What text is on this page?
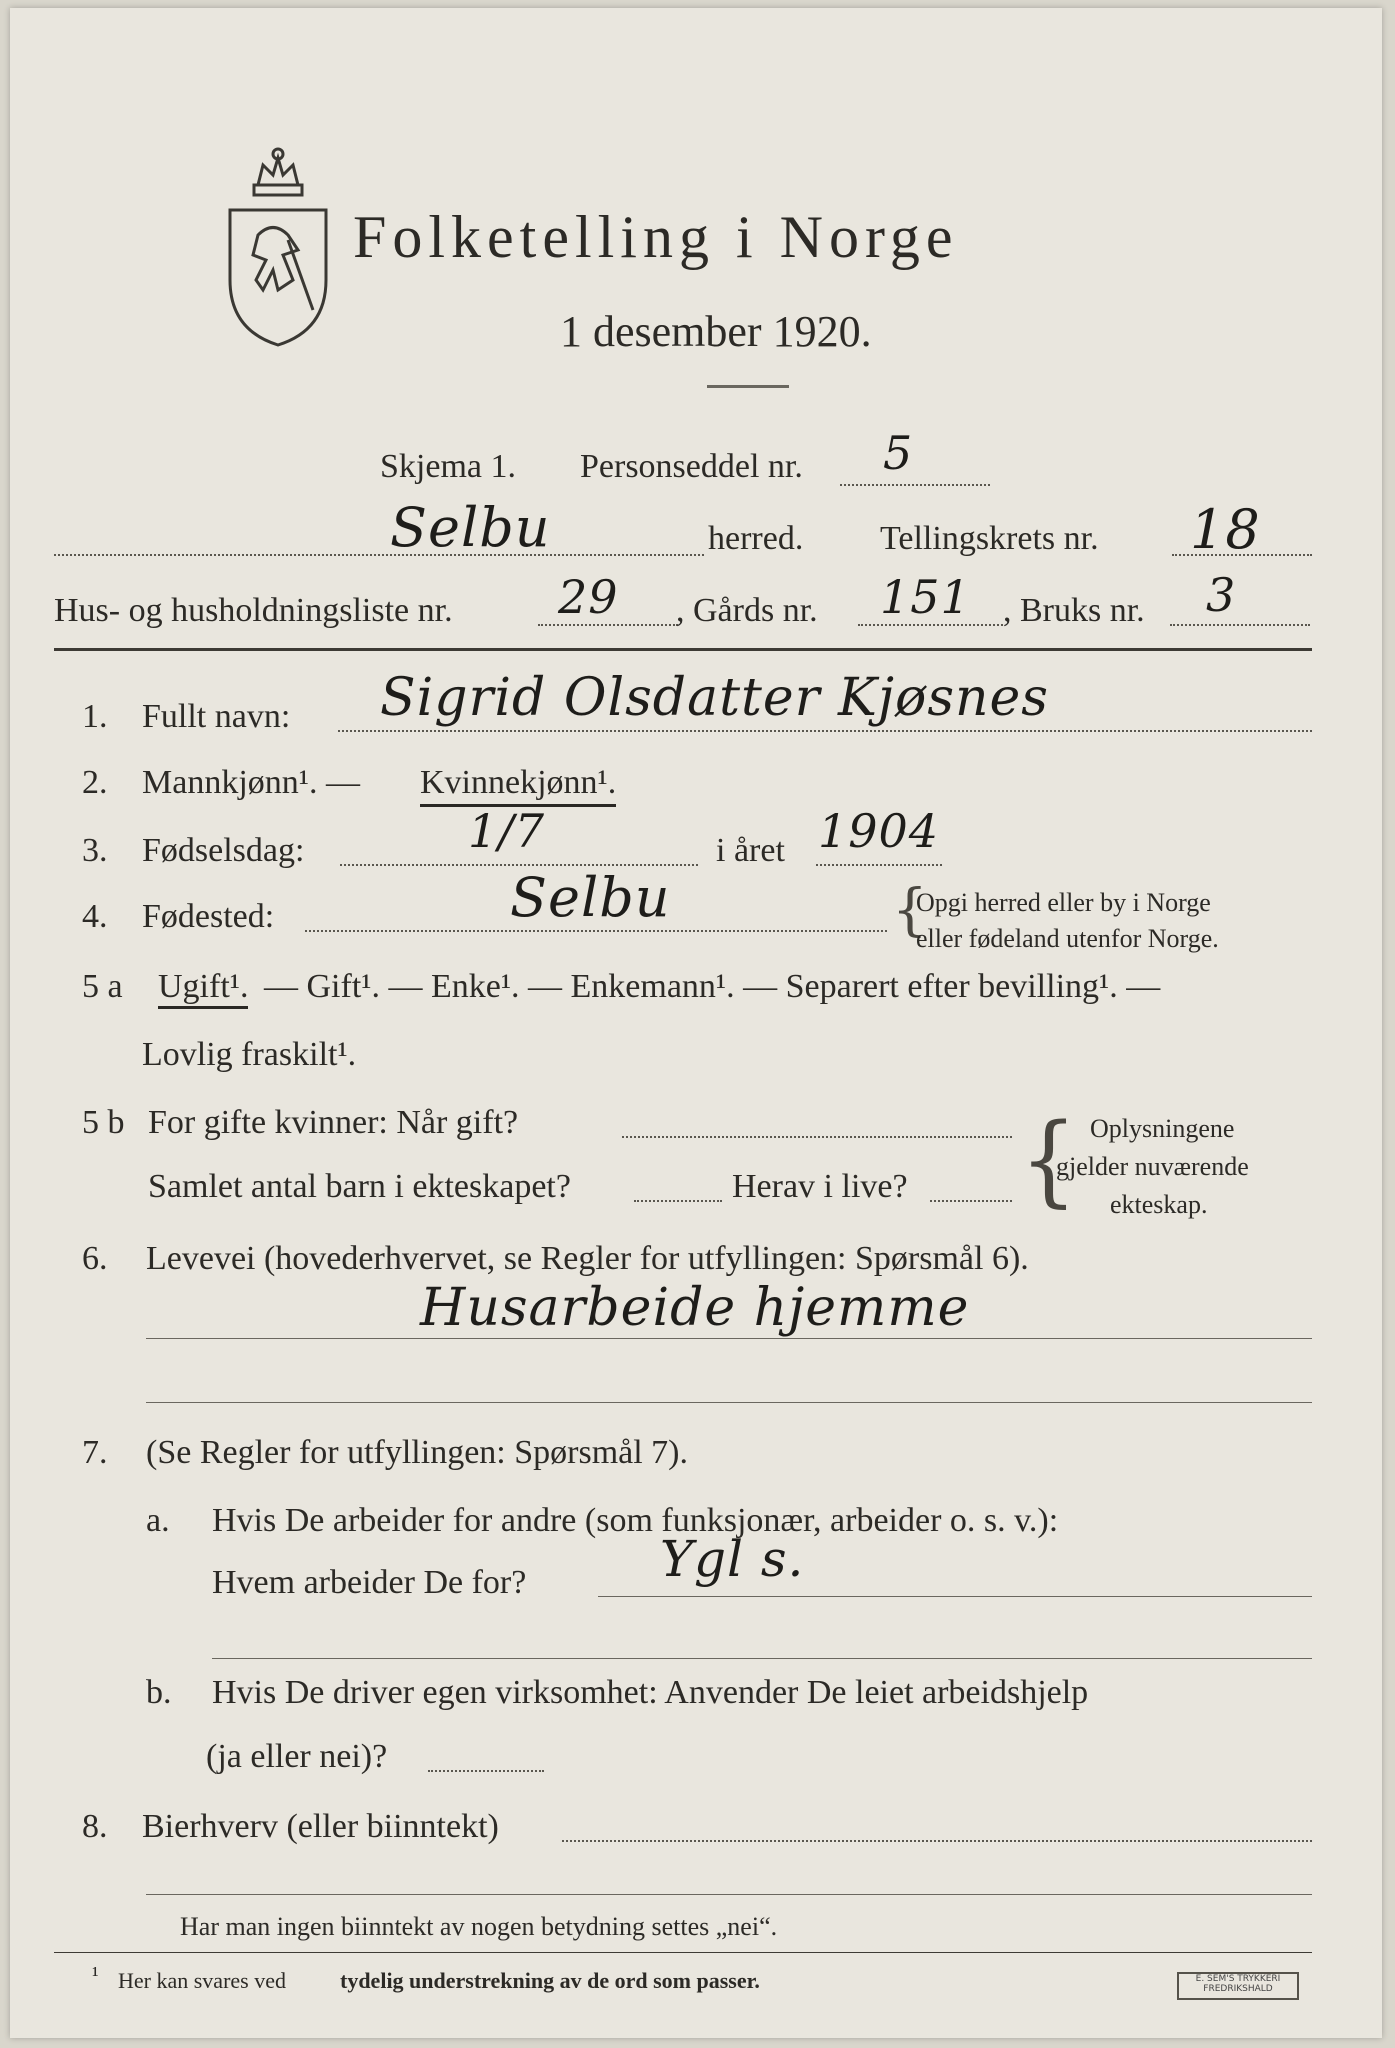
Folketelling i Norge
1 desember 1920.
Skjema 1. Personseddel nr. 5
Selbu	herred. Tellingskrets nr. 18
Hus- og husholdningsliste nr. 29 , Gårds nr. 151 , Bruks nr. 3
1. Fullt navn: Sigrid Olsdatter Kjøsnes
2. Mannkjønn¹. — Kvinnekjønn¹.
3. Fødselsdag:	1/7	i året 1904
4. Fødested:	Selbu	{
Opgi herred eller by i Norge
eller fødeland utenfor Norge.
5 a Ugift¹. — Gift¹. — Enke¹. — Enkemann¹. — Separert efter bevilling¹. —
Lovlig fraskilt¹.
5 b For gifte kvinner: Når gift?
Samlet antal barn i ekteskapet?	Herav i live? { Oplysningene
gjelder nuværende
ekteskap.
6. Levevei (hovederhvervet, se Regler for utfyllingen: Spørsmål 6).
Husarbeide hjemme
7. (Se Regler for utfyllingen: Spørsmål 7).
a. Hvis De arbeider for andre (som funksjonær, arbeider o. s. v.):
Hvem arbeider De for?	Ygl s.
b. Hvis De driver egen virksomhet: Anvender De leiet arbeidshjelp
(ja eller nei)?
8. Bierhverv (eller biinntekt)
Har man ingen biinntekt av nogen betydning settes „nei“.
¹ Her kan svares ved tydelig understrekning av de ord som passer.	E. SEM'S TRYKKERI FREDRIKSHALD
